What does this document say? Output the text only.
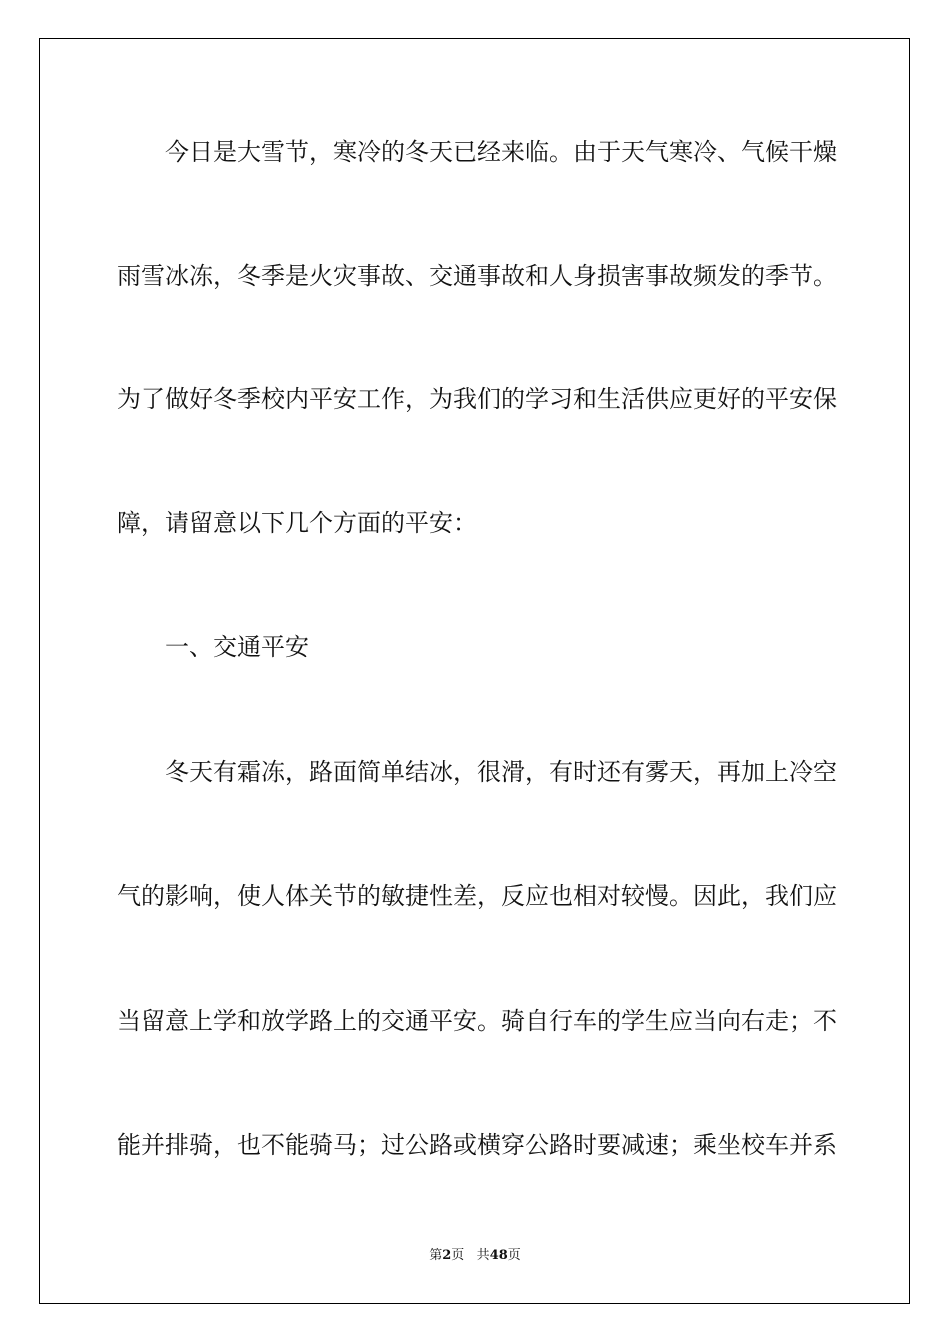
今日是大雪节，寒冷的冬天已经来临。由于天气寒冷、气候干燥
雨雪冰冻，冬季是火灾事故、交通事故和人身损害事故频发的季节。
为了做好冬季校内平安工作，为我们的学习和生活供应更好的平安保
障，请留意以下几个方面的平安：
一、交通平安
冬天有霜冻，路面简单结冰，很滑，有时还有雾天，再加上冷空
气的影响，使人体关节的敏捷性差，反应也相对较慢。因此，我们应
当留意上学和放学路上的交通平安。骑自行车的学生应当向右走；不
能并排骑，也不能骑马；过公路或横穿公路时要减速；乘坐校车并系
第2页 共48页
